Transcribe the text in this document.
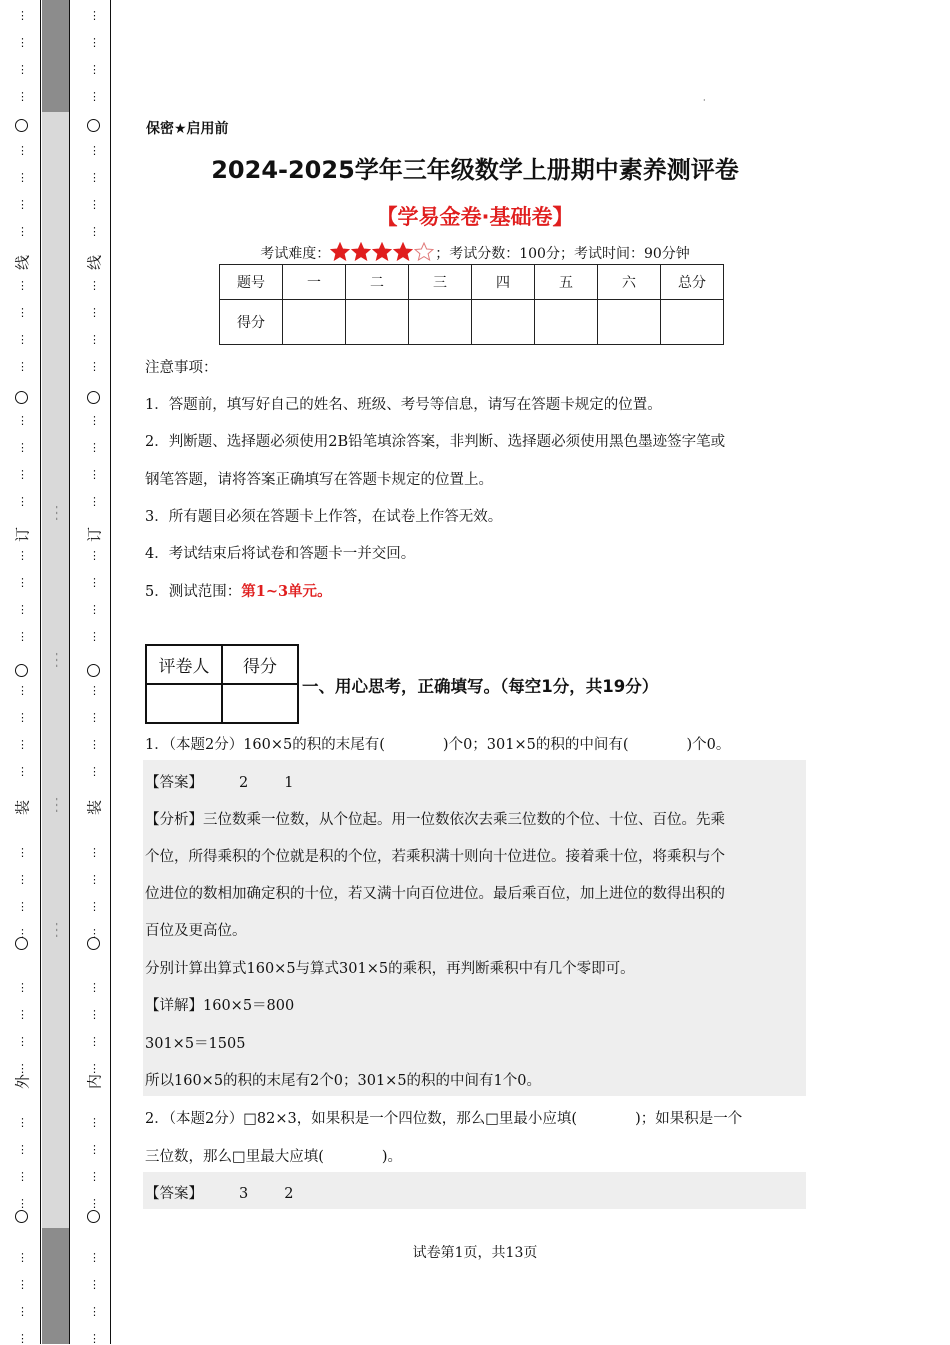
⋮
⋮
⋮
⋮
⋮
⋮
⋮
⋮
⋮
⋮
⋮
⋮
⋮
⋮
⋮
⋮
⋮
⋮
⋮
⋮
⋮
⋮
⋮
⋮
⋮
⋮
⋮
⋮
⋮
⋮
⋮
⋮
⋮
⋮
⋮
⋮
⋮
⋮
⋮
⋮
线
订
装
外
- - -
- - -
- - -
- - -
⋮
⋮
⋮
⋮
⋮
⋮
⋮
⋮
⋮
⋮
⋮
⋮
⋮
⋮
⋮
⋮
⋮
⋮
⋮
⋮
⋮
⋮
⋮
⋮
⋮
⋮
⋮
⋮
⋮
⋮
⋮
⋮
⋮
⋮
⋮
⋮
⋮
⋮
⋮
⋮
线
订
装
内
·
保密★启用前
2024-2025学年三年级数学上册期中素养测评卷
【学易金卷·基础卷】
考试难度：	；考试分数：100分；考试时间：90分钟
题号	一	二	三	四	五	六	总分
得分							
注意事项：
1．答题前，填写好自己的姓名、班级、考号等信息，请写在答题卡规定的位置。
2．判断题、选择题必须使用2B铅笔填涂答案，非判断、选择题必须使用黑色墨迹签字笔或
钢笔答题，请将答案正确填写在答题卡规定的位置上。
3．所有题目必须在答题卡上作答，在试卷上作答无效。
4．考试结束后将试卷和答题卡一并交回。
5．测试范围：第1~3单元。
评卷人	得分

一、用心思考，正确填写。（每空1分，共19分）
1．（本题2分）160×5的积的末尾有(　　　　)个0；301×5的积的中间有(　　　　)个0。
【答案】 2 1
【分析】三位数乘一位数，从个位起。用一位数依次去乘三位数的个位、十位、百位。先乘
个位，所得乘积的个位就是积的个位，若乘积满十则向十位进位。接着乘十位，将乘积与个
位进位的数相加确定积的十位，若又满十向百位进位。最后乘百位，加上进位的数得出积的
百位及更高位。
分别计算出算式160×5与算式301×5的乘积，再判断乘积中有几个零即可。
【详解】160×5＝800
301×5＝1505
所以160×5的积的末尾有2个0；301×5的积的中间有1个0。
2．（本题2分）□82×3，如果积是一个四位数，那么□里最小应填(　　　　)；如果积是一个
三位数，那么□里最大应填(　　　　)。
【答案】 3 2
试卷第1页，共13页
